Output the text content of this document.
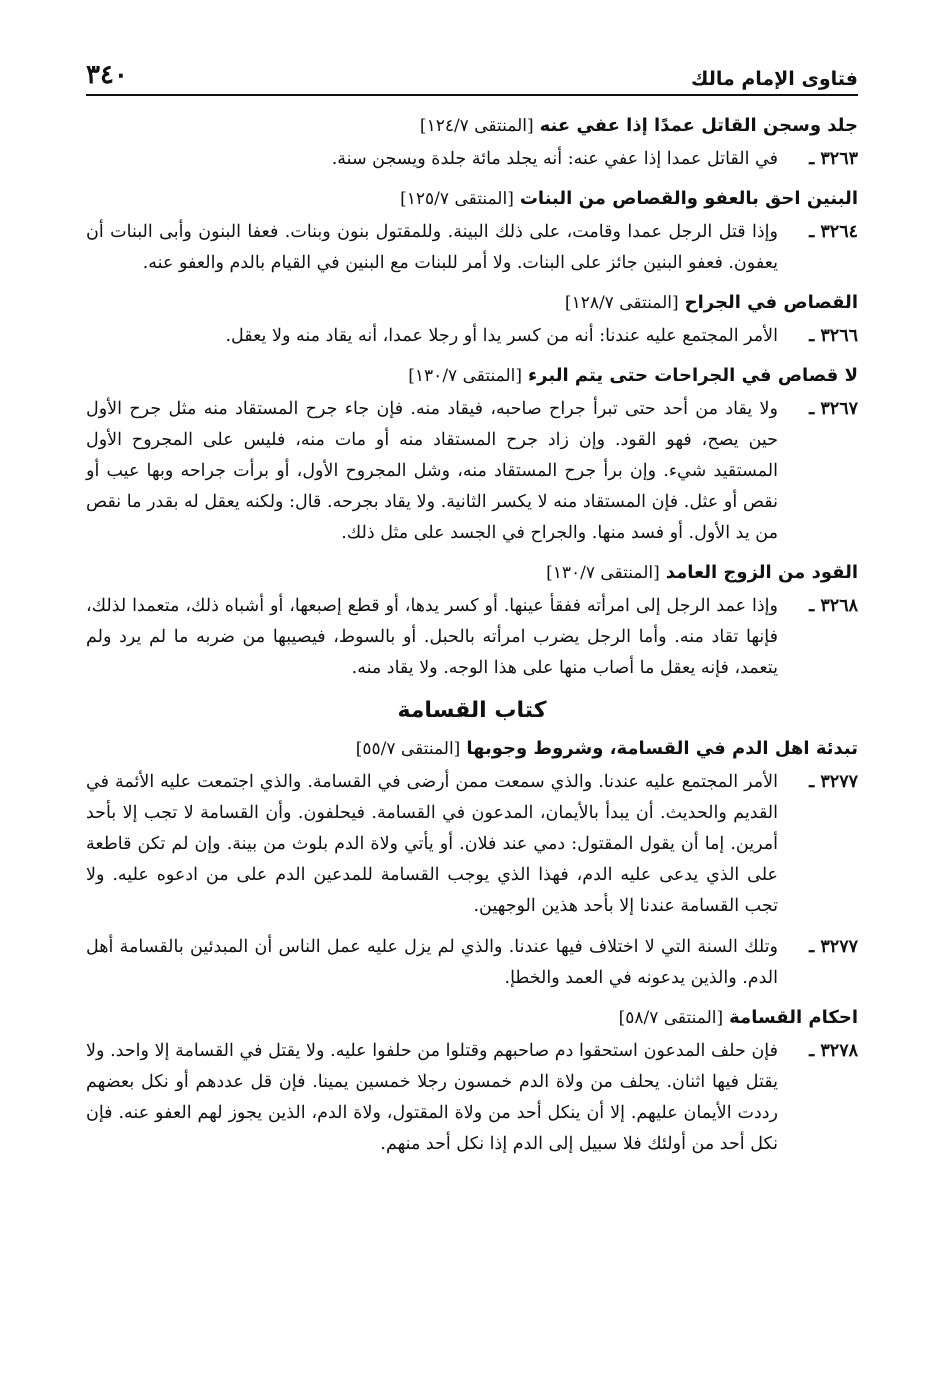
فتاوى الإمام مالك
٣٤٠
جلد وسجن القاتل عمدًا إذا عفي عنه[المنتقى ١٢٤/٧]

٣٢٦٣ ـفي القاتل عمدا إذا عفي عنه: أنه يجلد مائة جلدة ويسجن سنة.

البنين احق بالعفو والقصاص من البنات[المنتقى ١٢٥/٧]

٣٢٦٤ ـوإذا قتل الرجل عمدا وقامت، على ذلك البينة. وللمقتول بنون وبنات. فعفا البنون وأبى البنات أن يعفون. فعفو البنين جائز على البنات. ولا أمر للبنات مع البنين في القيام بالدم والعفو عنه.

القصاص في الجراح[المنتقى ١٢٨/٧]

٣٢٦٦ ـالأمر المجتمع عليه عندنا: أنه من كسر يدا أو رجلا عمدا، أنه يقاد منه ولا يعقل.

لا قصاص في الجراحات حتى يتم البرء[المنتقى ١٣٠/٧]

٣٢٦٧ ـولا يقاد من أحد حتى تبرأ جراح صاحبه، فيقاد منه. فإن جاء جرح المستقاد منه مثل جرح الأول حين يصح، فهو القود. وإن زاد جرح المستقاد منه أو مات منه، فليس على المجروح الأول المستقيد شيء. وإن برأ جرح المستقاد منه، وشل المجروح الأول، أو برأت جراحه وبها عيب أو نقص أو عثل. فإن المستقاد منه لا يكسر الثانية. ولا يقاد بجرحه. قال: ولكنه يعقل له بقدر ما نقص من يد الأول. أو فسد منها. والجراح في الجسد على مثل ذلك.

القود من الزوج العامد[المنتقى ١٣٠/٧]

٣٢٦٨ ـوإذا عمد الرجل إلى امرأته ففقأ عينها. أو كسر يدها، أو قطع إصبعها، أو أشباه ذلك، متعمدا لذلك، فإنها تقاد منه. وأما الرجل يضرب امرأته بالحبل. أو بالسوط، فيصيبها من ضربه ما لم يرد ولم يتعمد، فإنه يعقل ما أصاب منها على هذا الوجه. ولا يقاد منه.

كتاب القسامة
تبدئة اهل الدم في القسامة، وشروط وجوبها[المنتقى ٥٥/٧]

٣٢٧٧ ـالأمر المجتمع عليه عندنا. والذي سمعت ممن أرضى في القسامة. والذي اجتمعت عليه الأئمة في القديم والحديث. أن يبدأ بالأيمان، المدعون في القسامة. فيحلفون. وأن القسامة لا تجب إلا بأحد أمرين. إما أن يقول المقتول: دمي عند فلان. أو يأتي ولاة الدم بلوث من بينة. وإن لم تكن قاطعة على الذي يدعى عليه الدم، فهذا الذي يوجب القسامة للمدعين الدم على من ادعوه عليه. ولا تجب القسامة عندنا إلا بأحد هذين الوجهين.

٣٢٧٧ ـوتلك السنة التي لا اختلاف فيها عندنا. والذي لم يزل عليه عمل الناس أن المبدئين بالقسامة أهل الدم. والذين يدعونه في العمد والخطإ.

احكام القسامة[المنتقى ٥٨/٧]

٣٢٧٨ ـفإن حلف المدعون استحقوا دم صاحبهم وقتلوا من حلفوا عليه. ولا يقتل في القسامة إلا واحد. ولا يقتل فيها اثنان. يحلف من ولاة الدم خمسون رجلا خمسين يمينا. فإن قل عددهم أو نكل بعضهم رددت الأيمان عليهم. إلا أن ينكل أحد من ولاة المقتول، ولاة الدم، الذين يجوز لهم العفو عنه. فإن نكل أحد من أولئك فلا سبيل إلى الدم إذا نكل أحد منهم.
